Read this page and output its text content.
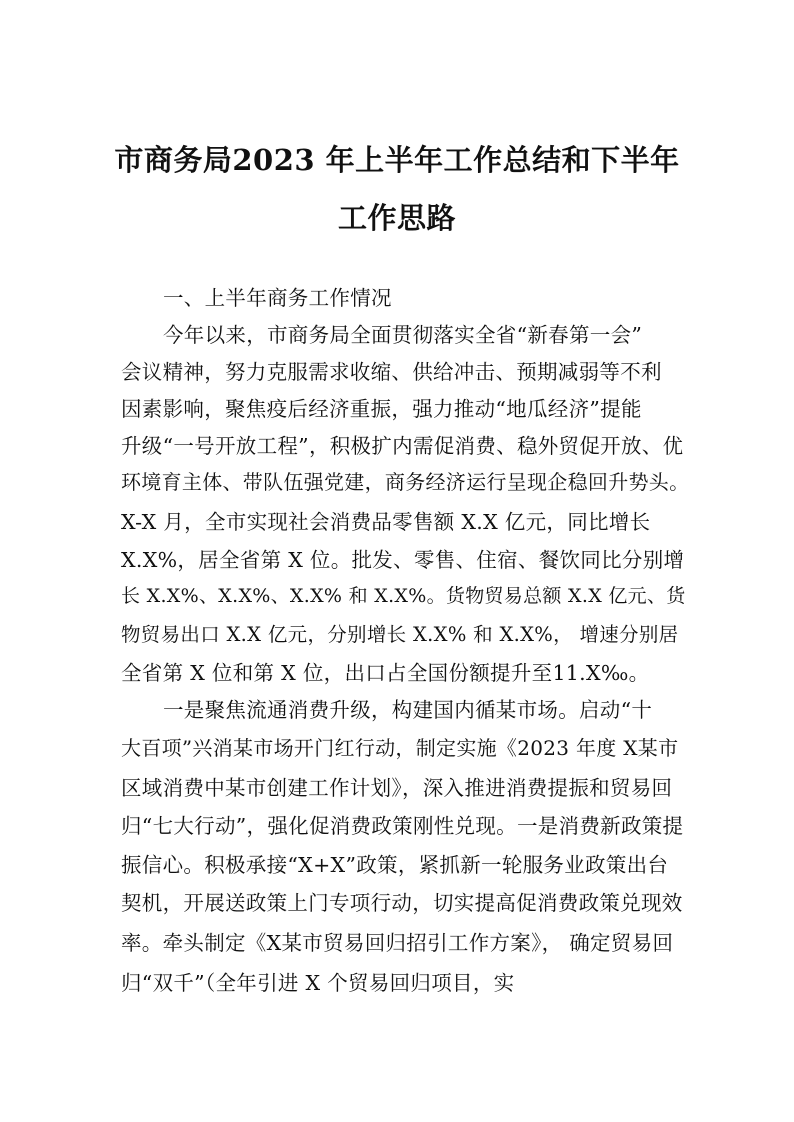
市商务局2023 年上半年工作总结和下半年
工作思路
一、上半年商务工作情况
今年以来，市商务局全面贯彻落实全省“新春第一会”
会议精神，努力克服需求收缩、供给冲击、预期减弱等不利
因素影响，聚焦疫后经济重振，强力推动“地瓜经济”提能
升级“一号开放工程”，积极扩内需促消费、稳外贸促开放、优
环境育主体、带队伍强党建，商务经济运行呈现企稳回升势头。
X-X 月，全市实现社会消费品零售额 X.X 亿元，同比增长
X.X%，居全省第 X 位。批发、零售、住宿、餐饮同比分别增
长 X.X%、X.X%、X.X% 和 X.X%。货物贸易总额 X.X 亿元、货
物贸易出口 X.X 亿元，分别增长 X.X% 和 X.X%， 增速分别居
全省第 X 位和第 X 位，出口占全国份额提升至11.X‰。
一是聚焦流通消费升级，构建国内循某市场。启动“十
大百项”兴消某市场开门红行动，制定实施《2023 年度 X某市
区域消费中某市创建工作计划》，深入推进消费提振和贸易回
归“七大行动”，强化促消费政策刚性兑现。一是消费新政策提
振信心。积极承接“X+X”政策，紧抓新一轮服务业政策出台
契机，开展送政策上门专项行动，切实提高促消费政策兑现效
率。牵头制定《X某市贸易回归招引工作方案》， 确定贸易回
归“双千”（全年引进 X 个贸易回归项目，实
